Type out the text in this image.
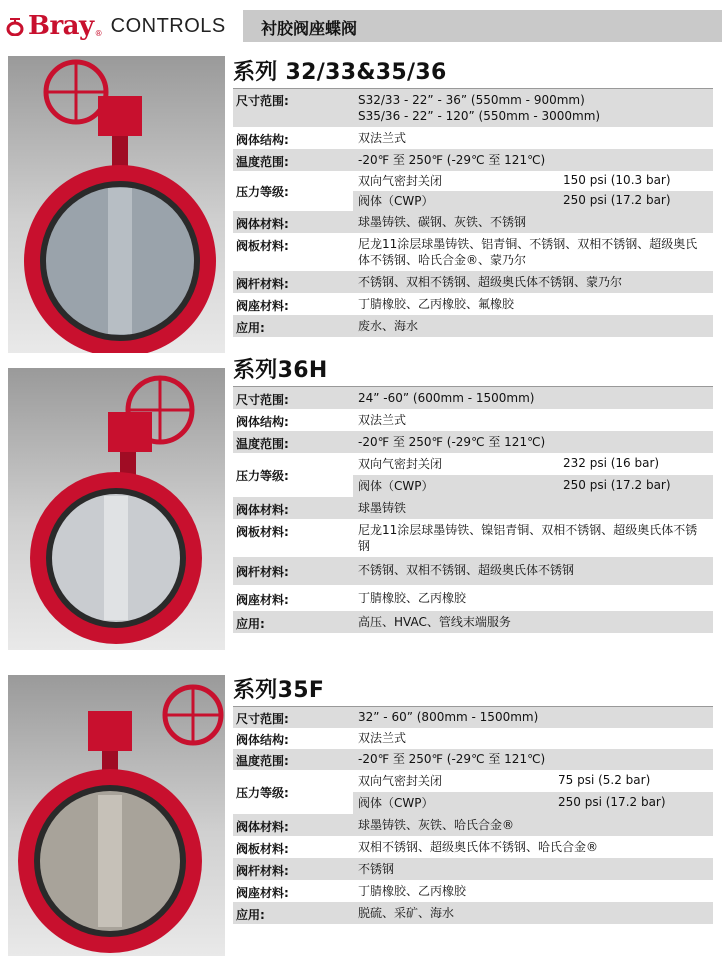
Bray ® CONTROLS 衬胶阀座蝶阀
系列 32/33&35/36
尺寸范围:	S32/33 - 22” - 36” (550mm - 900mm)
S35/36 - 22” - 120” (550mm - 3000mm)
阀体结构:	双法兰式
温度范围:	-20℉ 至 250℉ (-29℃ 至 121℃)
压力等级:
双向气密封关闭	150 psi (10.3 bar)
阀体（CWP）	250 psi (17.2 bar)
阀体材料:	球墨铸铁、碳钢、灰铁、不锈钢
阀板材料:	尼龙11涂层球墨铸铁、铝青铜、不锈钢、双相不锈钢、超级奥氏体不锈钢、哈氏合金®、蒙乃尔
阀杆材料:	不锈钢、双相不锈钢、超级奥氏体不锈钢、蒙乃尔
阀座材料:	丁腈橡胶、乙丙橡胶、氟橡胶
应用:	废水、海水
系列36H
尺寸范围:	24” -60” (600mm - 1500mm)
阀体结构:	双法兰式
温度范围:	-20℉ 至 250℉ (-29℃ 至 121℃)
压力等级:
双向气密封关闭	232 psi (16 bar)
阀体（CWP）	250 psi (17.2 bar)
阀体材料:	球墨铸铁
阀板材料:	尼龙11涂层球墨铸铁、镍铝青铜、双相不锈钢、超级奥氏体不锈钢
阀杆材料:	不锈钢、双相不锈钢、超级奥氏体不锈钢
阀座材料:	丁腈橡胶、乙丙橡胶
应用:	高压、HVAC、管线末端服务
系列35F
尺寸范围:	32” - 60” (800mm - 1500mm)
阀体结构:	双法兰式
温度范围:	-20℉ 至 250℉ (-29℃ 至 121℃)
压力等级:
双向气密封关闭	75 psi (5.2 bar)
阀体（CWP）	250 psi (17.2 bar)
阀体材料:	球墨铸铁、灰铁、哈氏合金®
阀板材料:	双相不锈钢、超级奥氏体不锈钢、哈氏合金®
阀杆材料:	不锈钢
阀座材料:	丁腈橡胶、乙丙橡胶
应用:	脱硫、采矿、海水
